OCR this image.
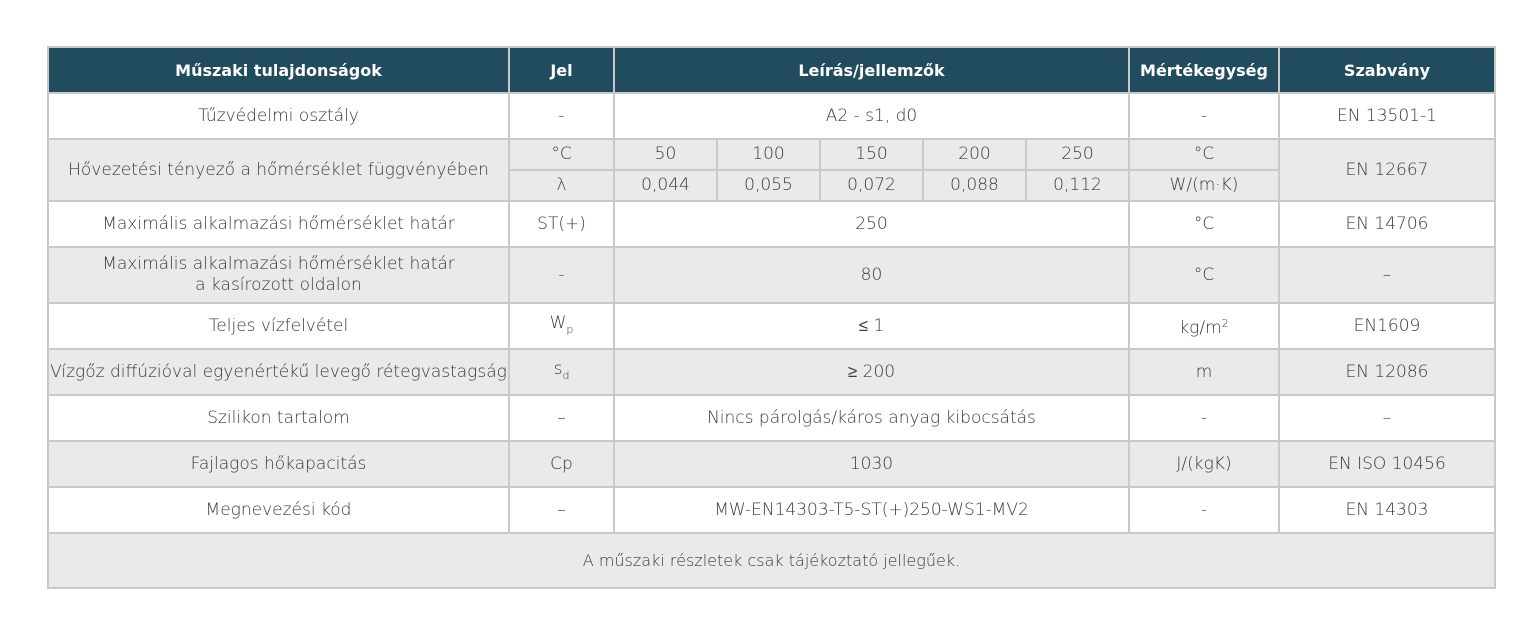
Műszaki tulajdonságok	Jel	Leírás/jellemzők					Mértékegység	Szabvány
Tűzvédelmi osztály	-	A2 - s1, d0					-	EN 13501-1
Hővezetési tényező a hőmérséklet függvényében	°C	50	100	150	200	250	°C	EN 12667
	λ	0,044	0,055	0,072	0,088	0,112	W/(m·K)	
Maximális alkalmazási hőmérséklet határ	ST(+)	250					°C	EN 14706

Maximális alkalmazási hőmérséklet határ
a kasírozott oldalon	-	80					°C	–
Teljes vízfelvétel	$W_p$	≤ 1					$kg/m^2$	EN1609
Vízgőz diffúzióval egyenértékű levegő rétegvastagság	$s_d$	≥ 200					m	EN 12086
Szilikon tartalom	–	Nincs párolgás/káros anyag kibocsátás					-	–
Fajlagos hőkapacitás	Cp	1030					J/(kgK)	EN ISO 10456
Megnevezési kód	–	MW-EN14303-T5-ST(+)250-WS1-MV2					-	EN 14303
A műszaki részletek csak tájékoztató jellegűek.								
